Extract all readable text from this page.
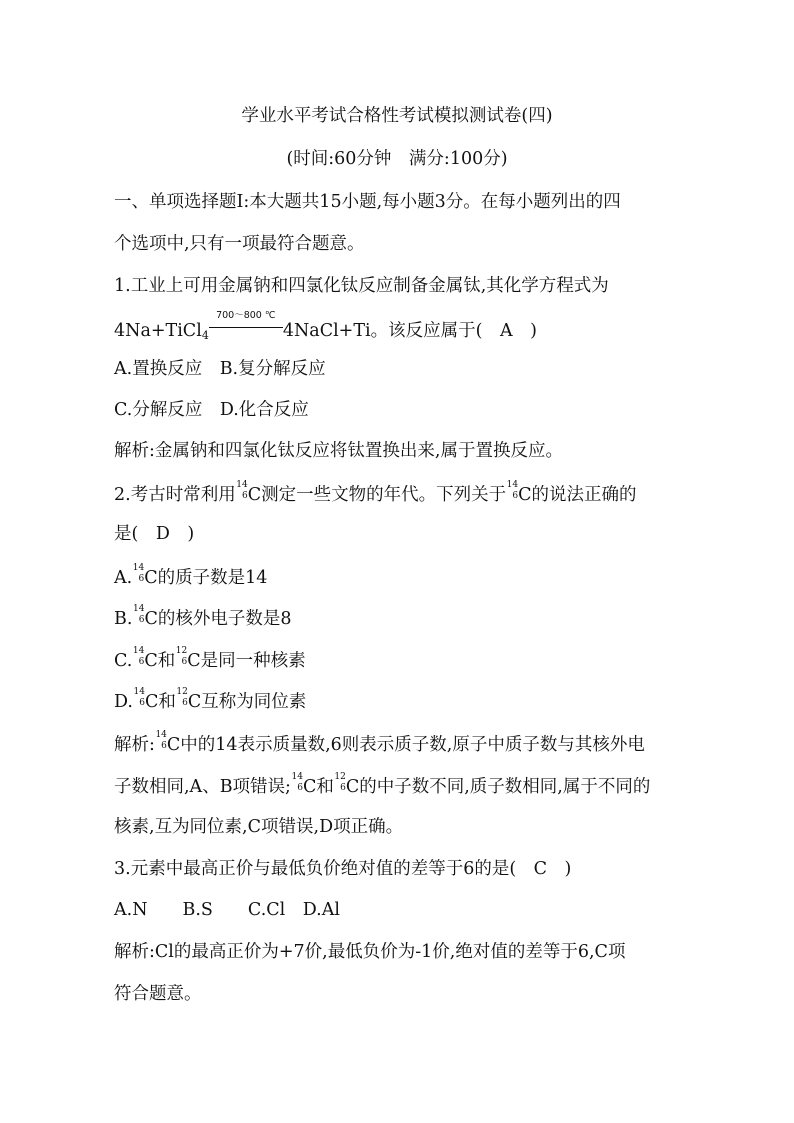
学业水平考试合格性考试模拟测试卷(四)
(时间:60分钟　满分:100分)
一、单项选择题Ⅰ:本大题共15小题,每小题3分。在每小题列出的四
个选项中,只有一项最符合题意。
1.工业上可用金属钠和四氯化钛反应制备金属钛,其化学方程式为
4Na+TiCl$_4$
700～800 ℃
4NaCl+Ti。该反应属于(　A　)
A.置换反应　B.复分解反应
C.分解反应　D.化合反应
解析:金属钠和四氯化钛反应将钛置换出来,属于置换反应。
2.考古时常利用 14
6 C测定一些文物的年代。下列关于 14
6 C的说法正确的
是(　D　)
A. 14
6 C的质子数是14
B. 14
6 C的核外电子数是8
C. 14
6 C和 12
6 C是同一种核素
D. 14
6 C和 12
6 C互称为同位素
解析: 14
6 C中的14表示质量数,6则表示质子数,原子中质子数与其核外电
子数相同,A、B项错误; 14
6 C和 12
6 C的中子数不同,质子数相同,属于不同的
核素,互为同位素,C项错误,D项正确。
3.元素中最高正价与最低负价绝对值的差等于6的是(　C　)
A.N　　B.S　　C.Cl　D.Al
解析:Cl的最高正价为+7价,最低负价为-1价,绝对值的差等于6,C项
符合题意。
